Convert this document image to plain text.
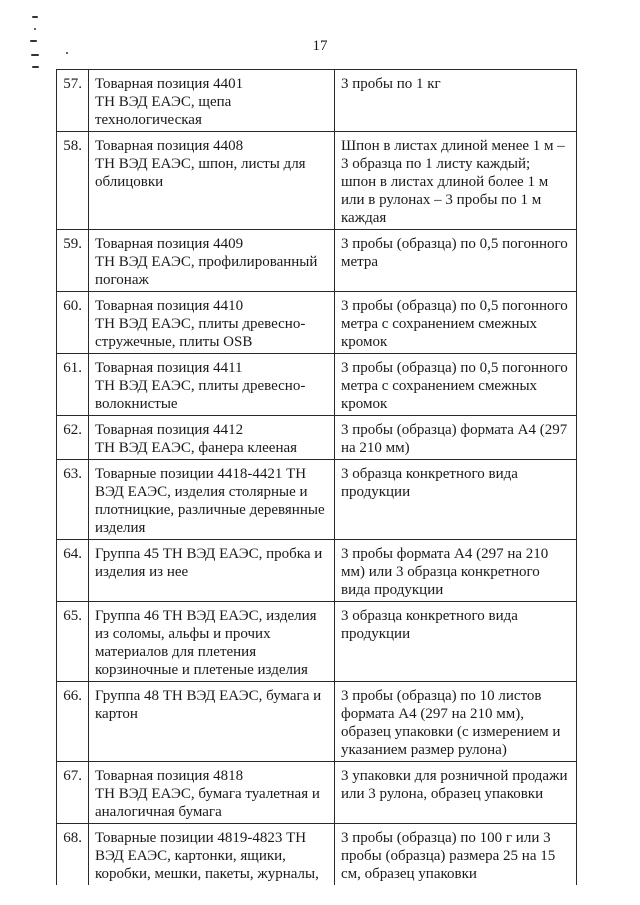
17
57.	Товарная позиция 4401
ТН ВЭД ЕАЭС, щепа
технологическая	3 пробы по 1 кг

58.	Товарная позиция 4408
ТН ВЭД ЕАЭС, шпон, листы для
облицовки	Шпон в листах длиной менее 1 м –
3 образца по 1 листу каждый;
шпон в листах длиной более 1 м
или в рулонах – 3 пробы по 1 м
каждая

59.	Товарная позиция 4409
ТН ВЭД ЕАЭС, профилированный
погонаж	3 пробы (образца) по 0,5 погонного
метра

60.	Товарная позиция 4410
ТН ВЭД ЕАЭС, плиты древесно-
стружечные, плиты OSB	3 пробы (образца) по 0,5 погонного
метра с сохранением смежных
кромок

61.	Товарная позиция 4411
ТН ВЭД ЕАЭС, плиты древесно-
волокнистые	3 пробы (образца) по 0,5 погонного
метра с сохранением смежных
кромок

62.	Товарная позиция 4412
ТН ВЭД ЕАЭС, фанера клееная	3 пробы (образца) формата А4 (297
на 210 мм)

63.	Товарные позиции 4418-4421 ТН
ВЭД ЕАЭС, изделия столярные и
плотницкие, различные деревянные
изделия	3 образца конкретного вида
продукции

64.	Группа 45 ТН ВЭД ЕАЭС, пробка и
изделия из нее	3 пробы формата А4 (297 на 210
мм) или 3 образца конкретного
вида продукции

65.	Группа 46 ТН ВЭД ЕАЭС, изделия
из соломы, альфы и прочих
материалов для плетения
корзиночные и плетеные изделия	3 образца конкретного вида
продукции

66.	Группа 48 ТН ВЭД ЕАЭС, бумага и
картон	3 пробы (образца) по 10 листов
формата А4 (297 на 210 мм),
образец упаковки (с измерением и
указанием размер рулона)

67.	Товарная позиция 4818
ТН ВЭД ЕАЭС, бумага туалетная и
аналогичная бумага	3 упаковки для розничной продажи
или 3 рулона, образец упаковки

68.	Товарные позиции 4819-4823 ТН
ВЭД ЕАЭС, картонки, ящики,
коробки, мешки, пакеты, журналы,	3 пробы (образца) по 100 г или 3
пробы (образца) размера 25 на 15
см, образец упаковки
